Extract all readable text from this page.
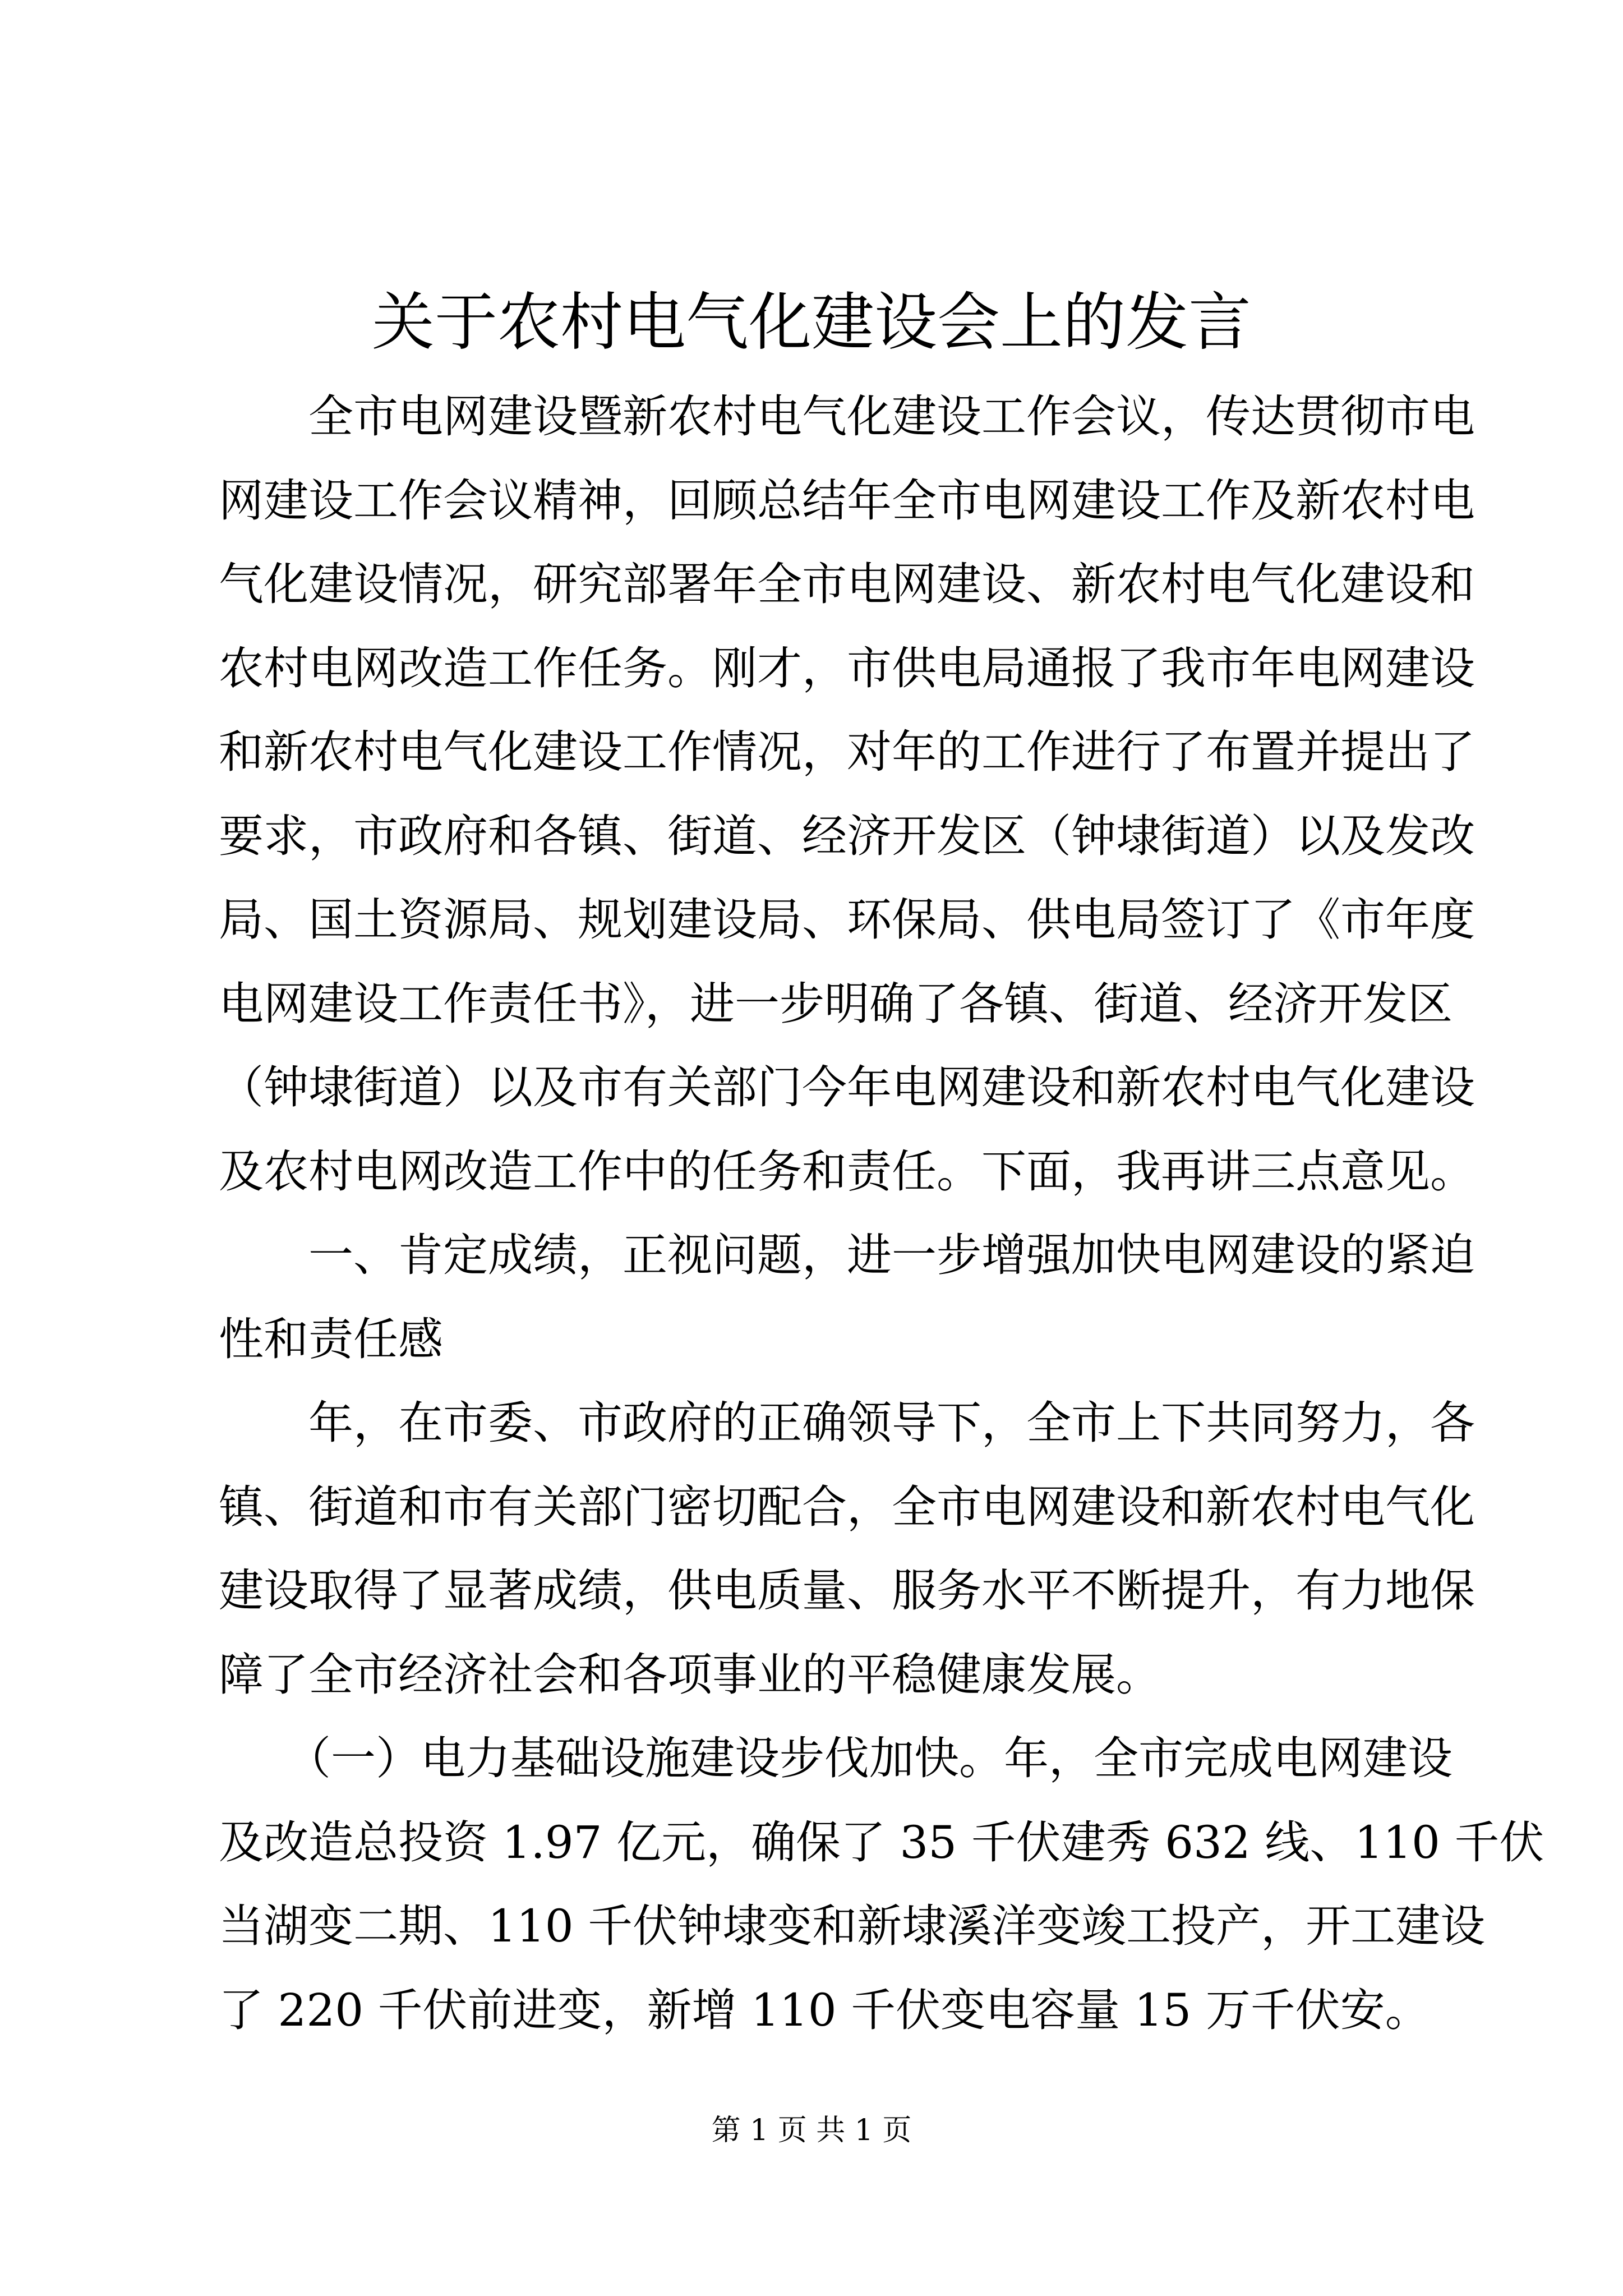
关于农村电气化建设会上的发言
　　全市电网建设暨新农村电气化建设工作会议，传达贯彻市电
网建设工作会议精神，回顾总结年全市电网建设工作及新农村电
气化建设情况，研究部署年全市电网建设、新农村电气化建设和
农村电网改造工作任务。刚才，市供电局通报了我市年电网建设
和新农村电气化建设工作情况，对年的工作进行了布置并提出了
要求，市政府和各镇、街道、经济开发区（钟埭街道）以及发改
局、国土资源局、规划建设局、环保局、供电局签订了《市年度
电网建设工作责任书》，进一步明确了各镇、街道、经济开发区
（钟埭街道）以及市有关部门今年电网建设和新农村电气化建设
及农村电网改造工作中的任务和责任。下面，我再讲三点意见。
　　一、肯定成绩，正视问题，进一步增强加快电网建设的紧迫
性和责任感
　　年，在市委、市政府的正确领导下，全市上下共同努力，各
镇、街道和市有关部门密切配合，全市电网建设和新农村电气化
建设取得了显著成绩，供电质量、服务水平不断提升，有力地保
障了全市经济社会和各项事业的平稳健康发展。
　　（一）电力基础设施建设步伐加快。年，全市完成电网建设
及改造总投资 1.97 亿元，确保了 35 千伏建秀 632 线、110 千伏
当湖变二期、110 千伏钟埭变和新埭溪洋变竣工投产，开工建设
了 220 千伏前进变，新增 110 千伏变电容量 15 万千伏安。
第 1 页 共 1 页
